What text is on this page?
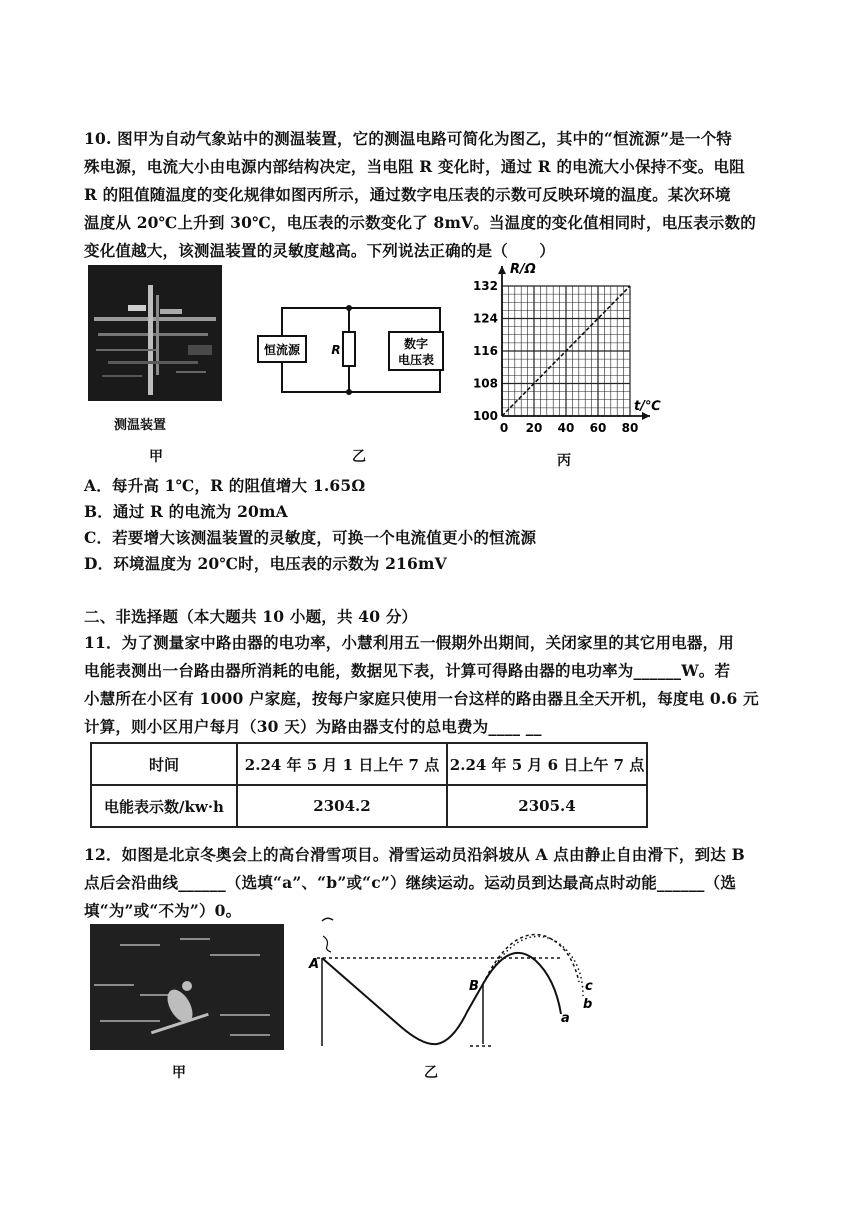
10. 图甲为自动气象站中的测温装置，它的测温电路可简化为图乙，其中的“恒流源”是一个特
殊电源，电流大小由电源内部结构决定，当电阻 R 变化时，通过 R 的电流大小保持不变。电阻
R 的阻值随温度的变化规律如图丙所示，通过数字电压表的示数可反映环境的温度。某次环境
温度从 20℃上升到 30℃，电压表的示数变化了 8mV。当温度的变化值相同时，电压表示数的
变化值越大，该测温装置的灵敏度越高。下列说法正确的是（　　）
测温装置
甲
恒流源	R	数字
电压表
乙
0 20 40 60 80
100
108
116
124
132
R/Ω
t/℃
丙
A．每升高 1℃，R 的阻值增大 1.65Ω
B．通过 R 的电流为 20mA
C．若要增大该测温装置的灵敏度，可换一个电流值更小的恒流源
D．环境温度为 20℃时，电压表的示数为 216mV
二、非选择题（本大题共 10 小题，共 40 分）
11．为了测量家中路由器的电功率，小慧利用五一假期外出期间，关闭家里的其它用电器，用
电能表测出一台路由器所消耗的电能，数据见下表，计算可得路由器的电功率为______W。若
小慧所在小区有 1000 户家庭，按每户家庭只使用一台这样的路由器且全天开机，每度电 0.6 元
计算，则小区用户每月（30 天）为路由器支付的总电费为____ __
时间	2.24 年 5 月 1 日上午 7 点	2.24 年 5 月 6 日上午 7 点
电能表示数/kw·h	2304.2	2305.4
12．如图是北京冬奥会上的高台滑雪项目。滑雪运动员沿斜坡从 A 点由静止自由滑下，到达 B
点后会沿曲线______（选填“a”、“b”或“c”）继续运动。运动员到达最高点时动能______（选
填“为”或“不为”）0。
甲
A
B
a
b
c
乙
